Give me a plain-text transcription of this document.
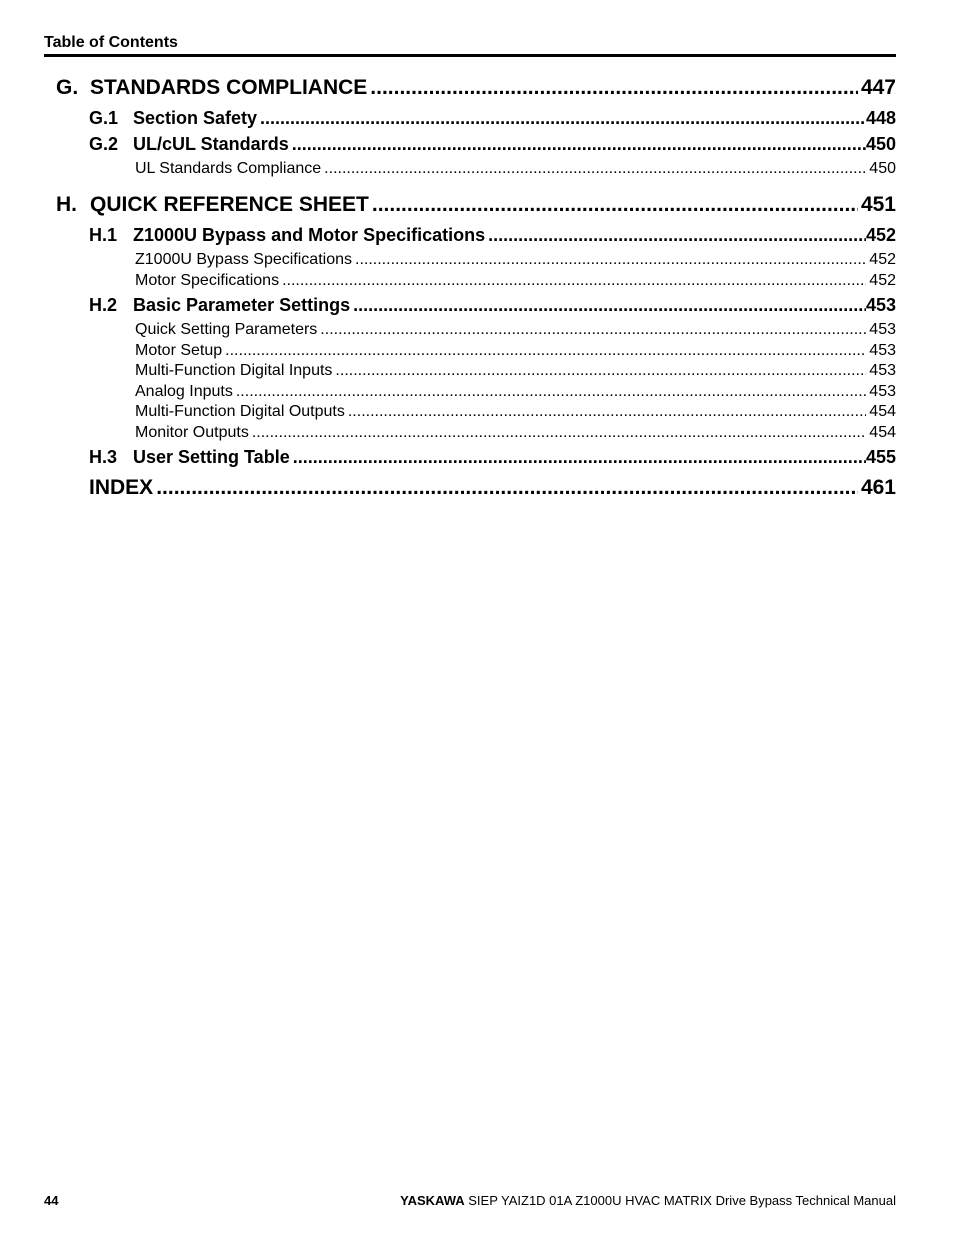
Table of Contents
G. STANDARDS COMPLIANCE .....	447
G.1 Section Safety .....	448
G.2 UL/cUL Standards .....	450
UL Standards Compliance .....	450
H. QUICK REFERENCE SHEET .....	451
H.1 Z1000U Bypass and Motor Specifications .....	452
Z1000U Bypass Specifications .....	452
Motor Specifications .....	452
H.2 Basic Parameter Settings .....	453
Quick Setting Parameters .....	453
Motor Setup .....	453
Multi-Function Digital Inputs .....	453
Analog Inputs .....	453
Multi-Function Digital Outputs .....	454
Monitor Outputs .....	454
H.3 User Setting Table .....	455
INDEX .....	461
44	YASKAWA SIEP YAIZ1D 01A Z1000U HVAC MATRIX Drive Bypass Technical Manual
